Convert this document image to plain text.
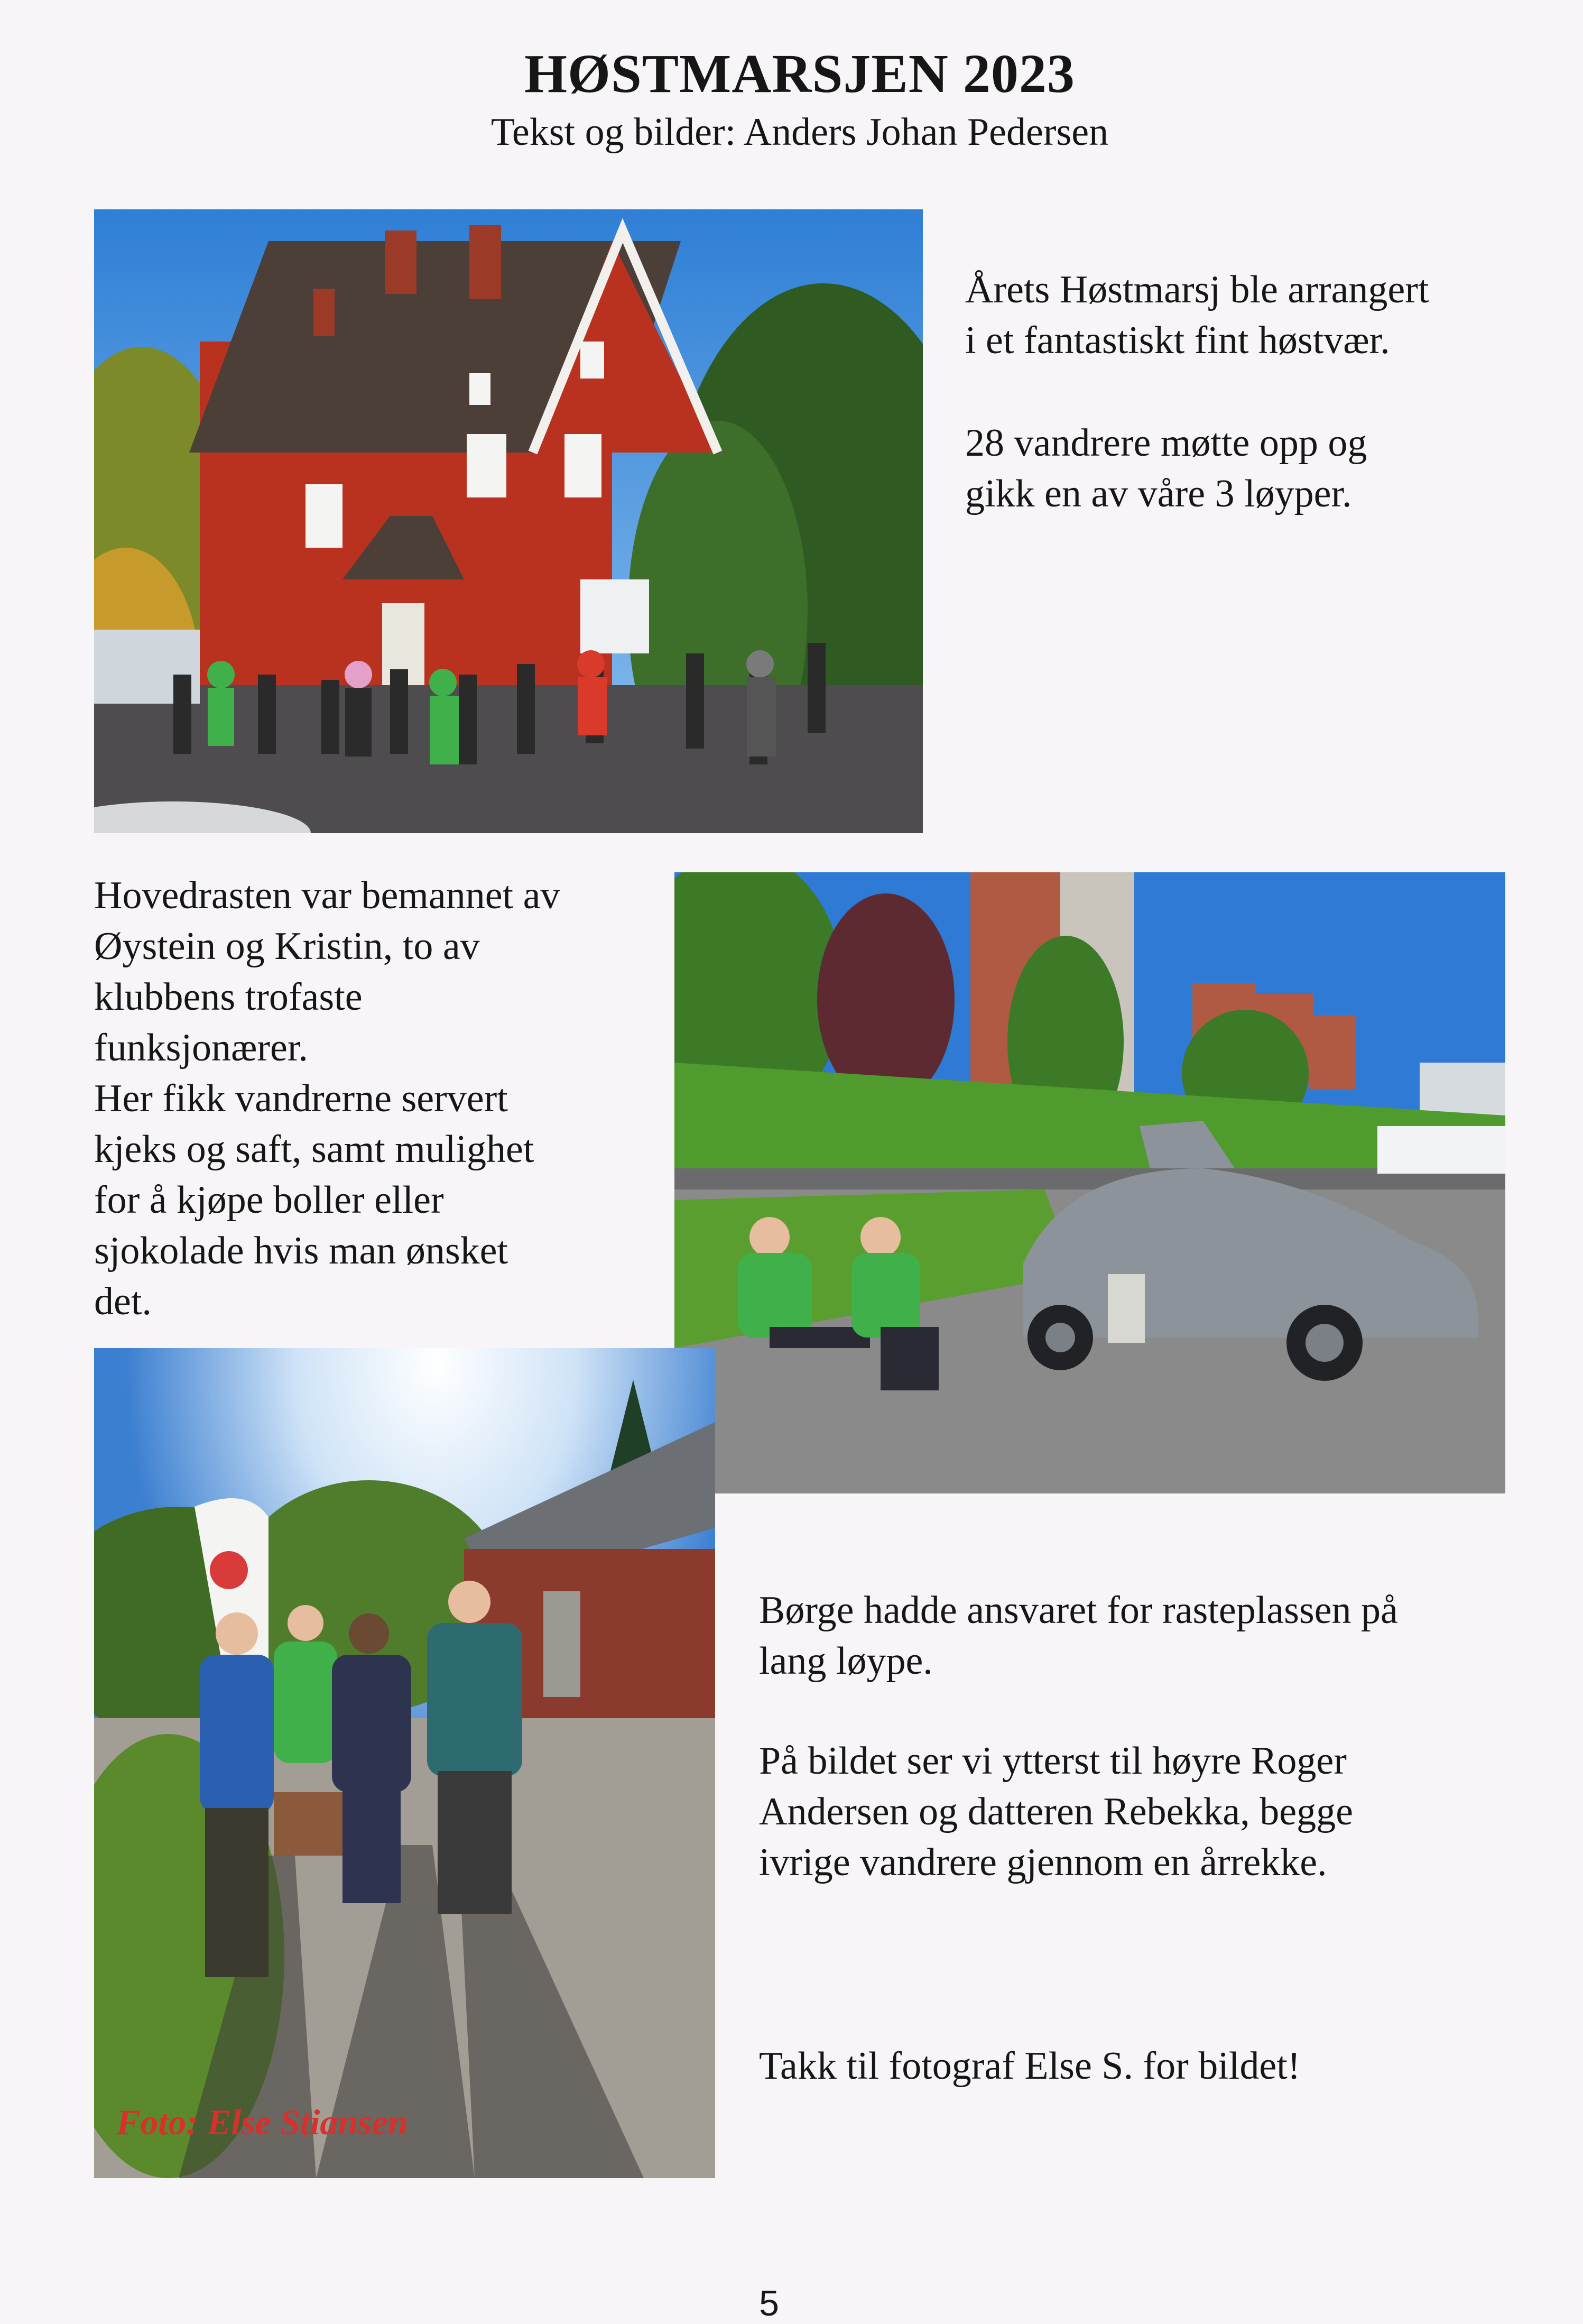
HØSTMARSJEN 2023
Tekst og bilder: Anders Johan Pedersen

Årets Høstmarsj ble arrangert
i et fantastiskt fint høstvær.

28 vandrere møtte opp og
gikk en av våre 3 løyper.

Hovedrasten var bemannet av
Øystein og Kristin, to av
klubbens trofaste
funksjonærer.
Her fikk vandrerne servert
kjeks og saft, samt mulighet
for å kjøpe boller eller
sjokolade hvis man ønsket
det.

Foto: Else Stiansen

Børge hadde ansvaret for rasteplassen på
lang løype.

På bildet ser vi ytterst til høyre Roger
Andersen og datteren Rebekka, begge
ivrige vandrere gjennom en årrekke.

Takk til fotograf Else S. for bildet!

5
